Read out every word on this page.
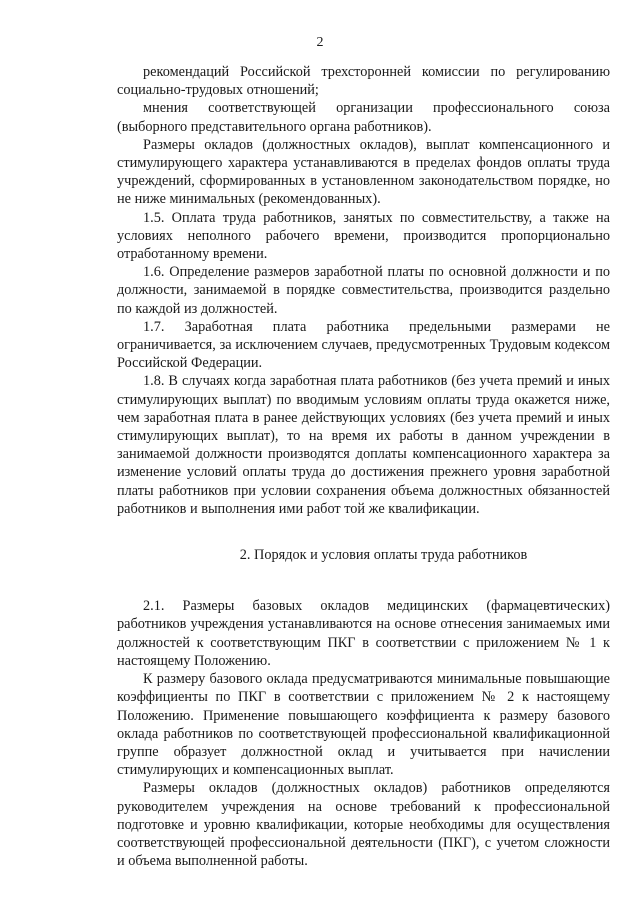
2

рекомендаций Российской трехсторонней комиссии по регулированию социально-трудовых отношений;

мнения соответствующей организации профессионального союза (выборного представительного органа работников).

Размеры окладов (должностных окладов), выплат компенсационного и стимулирующего характера устанавливаются в пределах фондов оплаты труда учреждений, сформированных в установленном законодательством порядке, но не ниже минимальных (рекомендованных).

1.5. Оплата труда работников, занятых по совместительству, а также на условиях неполного рабочего времени, производится пропорционально отработанному времени.

1.6. Определение размеров заработной платы по основной должности и по должности, занимаемой в порядке совместительства, производится раздельно по каждой из должностей.

1.7. Заработная плата работника предельными размерами не ограничивается, за исключением случаев, предусмотренных Трудовым кодексом Российской Федерации.

1.8. В случаях когда заработная плата работников (без учета премий и иных стимулирующих выплат) по вводимым условиям оплаты труда окажется ниже, чем заработная плата в ранее действующих условиях (без учета премий и иных стимулирующих выплат), то на время их работы в данном учреждении в занимаемой должности производятся доплаты компенсационного характера за изменение условий оплаты труда до достижения прежнего уровня заработной платы работников при условии сохранения объема должностных обязанностей работников и выполнения ими работ той же квалификации.

2. Порядок и условия оплаты труда работников

2.1. Размеры базовых окладов медицинских (фармацевтических) работников учреждения устанавливаются на основе отнесения занимаемых ими должностей к соответствующим ПКГ в соответствии с приложением № 1 к настоящему Положению.

К размеру базового оклада предусматриваются минимальные повышающие коэффициенты по ПКГ в соответствии с приложением № 2 к настоящему Положению. Применение повышающего коэффициента к размеру базового оклада работников по соответствующей профессиональной квалификационной группе образует должностной оклад и учитывается при начислении стимулирующих и компенсационных выплат.

Размеры окладов (должностных окладов) работников определяются руководителем учреждения на основе требований к профессиональной подготовке и уровню квалификации, которые необходимы для осуществления соответствующей профессиональной деятельности (ПКГ), с учетом сложности и объема выполненной работы.
